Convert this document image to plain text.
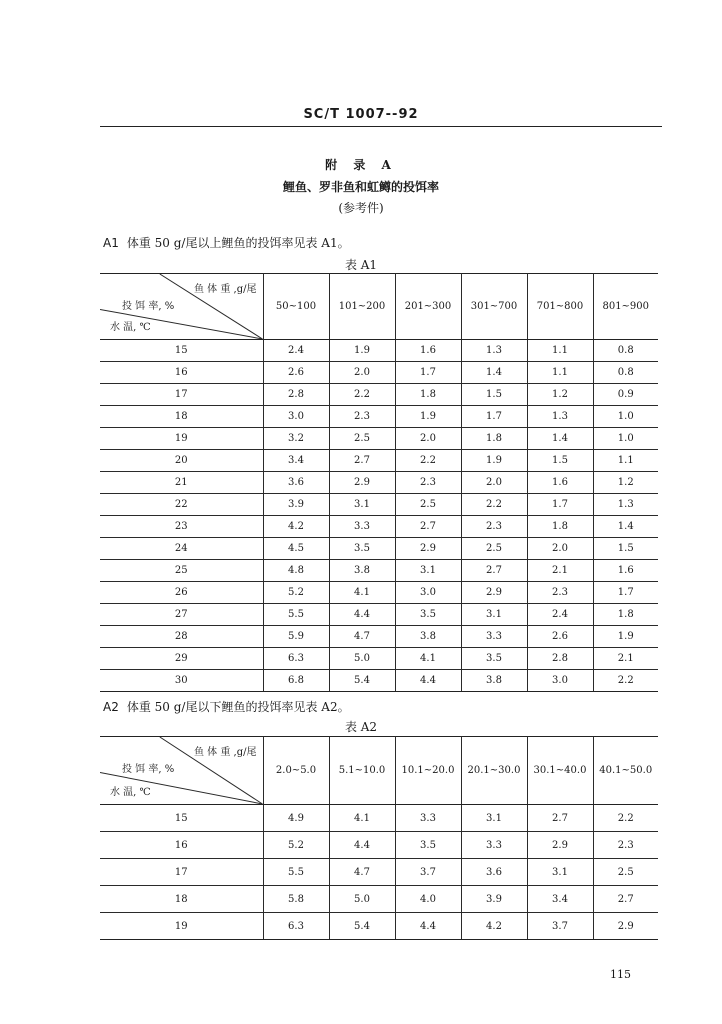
SC/T 1007--92
附 录 A
鲤鱼、罗非鱼和虹鳟的投饵率
(参考件)
A1 体重 50 g/尾以上鲤鱼的投饵率见表 A1。
表 A1
鱼 体 重 ,g/尾
投 饵 率, %
水 温, ℃	50~100	101~200	201~300	301~700	701~800	801~900
15	2.4	1.9	1.6	1.3	1.1	0.8
16	2.6	2.0	1.7	1.4	1.1	0.8
17	2.8	2.2	1.8	1.5	1.2	0.9
18	3.0	2.3	1.9	1.7	1.3	1.0
19	3.2	2.5	2.0	1.8	1.4	1.0
20	3.4	2.7	2.2	1.9	1.5	1.1
21	3.6	2.9	2.3	2.0	1.6	1.2
22	3.9	3.1	2.5	2.2	1.7	1.3
23	4.2	3.3	2.7	2.3	1.8	1.4
24	4.5	3.5	2.9	2.5	2.0	1.5
25	4.8	3.8	3.1	2.7	2.1	1.6
26	5.2	4.1	3.0	2.9	2.3	1.7
27	5.5	4.4	3.5	3.1	2.4	1.8
28	5.9	4.7	3.8	3.3	2.6	1.9
29	6.3	5.0	4.1	3.5	2.8	2.1
30	6.8	5.4	4.4	3.8	3.0	2.2
A2 体重 50 g/尾以下鲤鱼的投饵率见表 A2。
表 A2
鱼 体 重 ,g/尾
投 饵 率, %
水 温, ℃	2.0~5.0	5.1~10.0	10.1~20.0	20.1~30.0	30.1~40.0	40.1~50.0
15	4.9	4.1	3.3	3.1	2.7	2.2
16	5.2	4.4	3.5	3.3	2.9	2.3
17	5.5	4.7	3.7	3.6	3.1	2.5
18	5.8	5.0	4.0	3.9	3.4	2.7
19	6.3	5.4	4.4	4.2	3.7	2.9
115
